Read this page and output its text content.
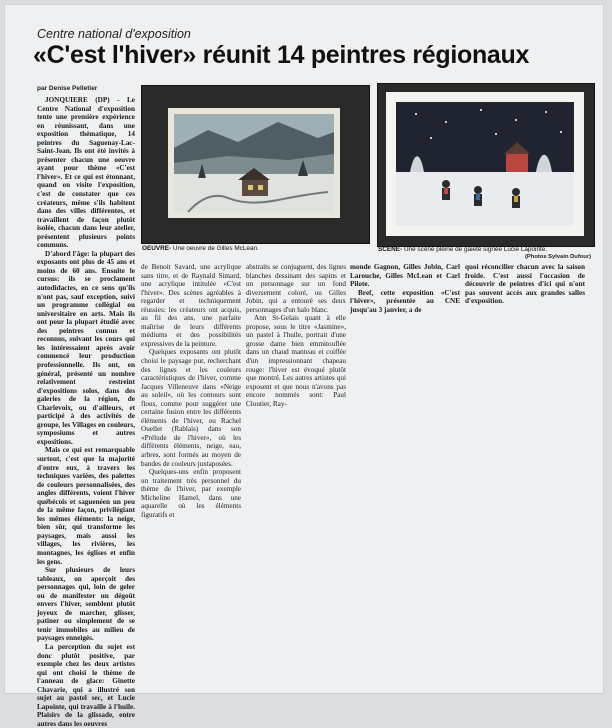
Centre national d'exposition
«C'est l'hiver» réunit 14 peintres régionaux
par Denise Pelletier
OEUVRE- Une oeuvre de Gilles McLean.	SCÈNE- Une scène pleine de gaieté signée Lucie Lapointe.
(Photos Sylvain Dufour)

JONQUIERE (DP) - Le Centre National d'exposition tente une première expérience en réunissant, dans une exposition thématique, 14 peintres du Saguenay-Lac-Saint-Jean. Ils ont été invités à présenter chacun une oeuvre ayant pour thème «C'est l'hiver». Et ce qui est étonnant, quand on visite l'exposition, c'est de constater que ces créateurs, même s'ils habitent dans des villes différentes, et travaillent de façon plutôt isolée, chacun dans leur atelier, présentent plusieurs points communs.

D'abord l'âge: la plupart des exposants ont plus de 45 ans et moins de 60 ans. Ensuite le cursus: ils se proclament autodidactes, en ce sens qu'ils n'ont pas, sauf exception, suivi un programme collégial ou universitaire en arts. Mais ils ont pour la plupart étudié avec des peintres connus et reconnus, suivant les cours qui les intéressaient après avoir commencé leur production professionnelle. Ils ont, en général, présenté un nombre relativement restreint d'expositions solos, dans des galeries de la région, de Charlevoix, ou d'ailleurs, et participé à des activités de groupe, les Villages en couleurs, symposiums et autres expositions.

Mais ce qui est remarquable surtout, c'est que la majorité d'entre eux, à travers les techniques variées, des palettes de couleurs personnalisées, des angles différents, voient l'hiver québécois et saguenéen un peu de la même façon, privilégiant les mêmes éléments: la neige, bien sûr, qui transforme les paysages, mais aussi les villages, les rivières, les montagnes, les églises et enfin les gens.

Sur plusieurs de leurs tableaux, on aperçoit des personnages qui, loin de geler ou de manifester un dégoût envers l'hiver, semblent plutôt joyeux de marcher, glisser, patiner ou simplement de se tenir immobiles au milieu de paysages enneigés.

La perception du sujet est donc plutôt positive, par exemple chez les deux artistes qui ont choisi le thème de l'anneau de glace: Ginette Chavarie, qui a illustré son sujet au pastel sec, et Lucie Lapointe, qui travaille à l'huile. Plaisirs de la glissade, entre autres dans les oeuvres

de Benoit Savard, une acrylique sans titre, et de Raynald Simard, une acrylique intitulée «C'est l'hiver». Des scènes agréables à regarder et techniquement réussies: les créateurs ont acquis, au fil des ans, une parfaite maîtrise de leurs différents médiums et des possibilités expressives de la peinture.

Quelques exposants ont plutôt choisi le paysage pur, recherchant des lignes et les couleurs caractéristiques de l'hiver, comme Jacques Villeneuve dans «Neige au soleil», où les contours sont flous, comme pour suggérer une certaine fusion entre les différents éléments de l'hiver, ou Rachel Ouellet (Rablais) dans son «Prélude de l'hiver», où les différents éléments, neige, eau, arbres, sont formés au moyen de bandes de couleurs juxtaposées.

Quelques-uns enfin proposent un traitement très personnel du thème de l'hiver, par exemple Micheline Hamel, dans une aquarelle où les éléments figuratifs et

abstraits se conjuguent, des lignes blanches dessinant des sapins et un personnage sur un fond diversement coloré, ou Gilles Jobin, qui a entouré ses deux personnages d'un halo blanc.

Ann St-Gelais quant à elle propose, sous le titre «Jasmine», un pastel à l'huile, portrait d'une grosse dame bien emmitouflée dans un chaud manteau et coiffée d'un impressionnant chapeau rouge: l'hiver est évoqué plutôt que montré. Les autres artistes qui exposent et que nous n'avons pas encore nommés sont: Paul Cloutier, Ray-

monde Gagnon, Gilles Jobin, Carl Larouche, Gilles McLean et Carl Pilote.

Bref, cette exposition «C'est l'hiver», présentée au CNE jusqu'au 3 janvier, a de

quoi réconcilier chacun avec la saison froide. C'est aussi l'occasion de découvrir de peintres d'ici qui n'ont pas souvent accès aux grandes salles d'exposition.
